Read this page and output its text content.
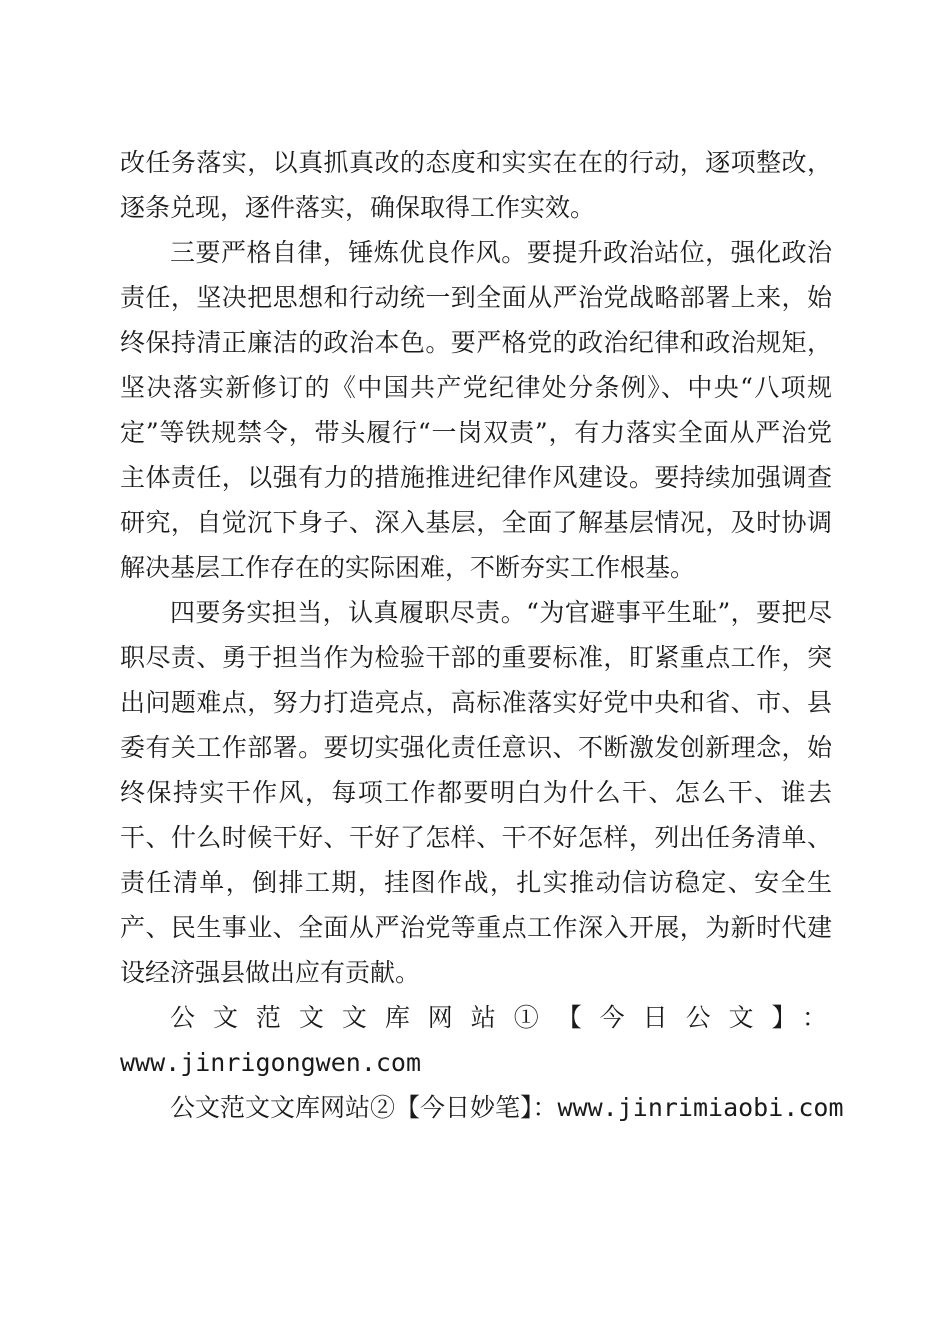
改任务落实，以真抓真改的态度和实实在在的行动，逐项整改，逐条兑现，逐件落实，确保取得工作实效。

三要严格自律，锤炼优良作风。要提升政治站位，强化政治责任，坚决把思想和行动统一到全面从严治党战略部署上来，始终保持清正廉洁的政治本色。要严格党的政治纪律和政治规矩，坚决落实新修订的《中国共产党纪律处分条例》、中央“八项规定”等铁规禁令，带头履行“一岗双责”，有力落实全面从严治党主体责任，以强有力的措施推进纪律作风建设。要持续加强调查研究，自觉沉下身子、深入基层，全面了解基层情况，及时协调解决基层工作存在的实际困难，不断夯实工作根基。

四要务实担当，认真履职尽责。“为官避事平生耻”，要把尽职尽责、勇于担当作为检验干部的重要标准，盯紧重点工作，突出问题难点，努力打造亮点，高标准落实好党中央和省、市、县委有关工作部署。要切实强化责任意识、不断激发创新理念，始终保持实干作风，每项工作都要明白为什么干、怎么干、谁去干、什么时候干好、干好了怎样、干不好怎样，列出任务清单、责任清单，倒排工期，挂图作战，扎实推动信访稳定、安全生产、民生事业、全面从严治党等重点工作深入开展，为新时代建设经济强县做出应有贡献。

公文范文文库网站①【今日公文】：
www.jinrigongwen.com

公文范文文库网站②【今日妙笔】：www.jinrimiaobi.com
